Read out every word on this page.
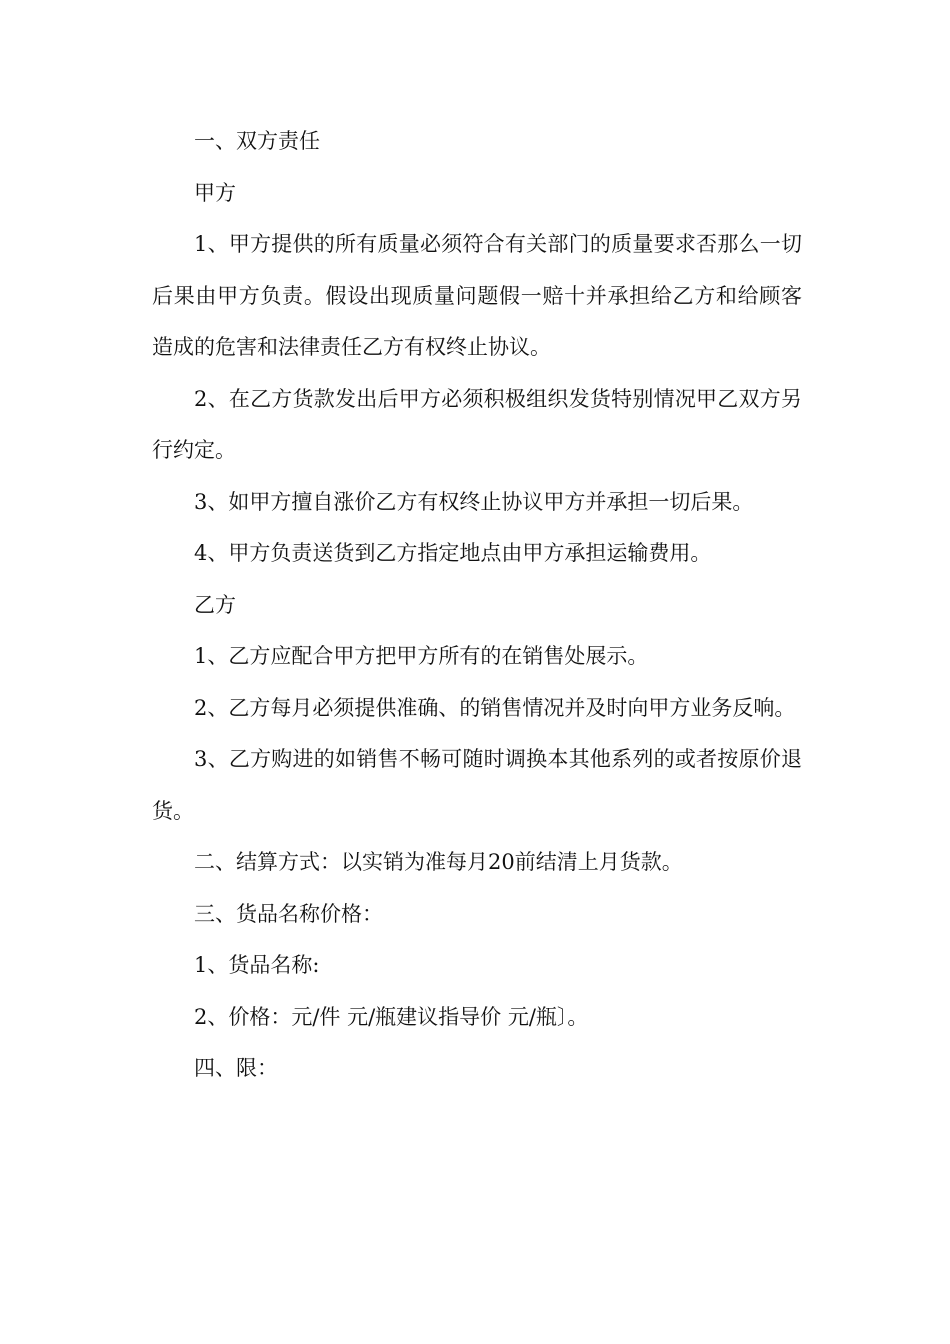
一、双方责任

甲方

1、甲方提供的所有质量必须符合有关部门的质量要求否那么一切后果由甲方负责。假设出现质量问题假一赔十并承担给乙方和给顾客造成的危害和法律责任乙方有权终止协议。

2、在乙方货款发出后甲方必须积极组织发货特别情况甲乙双方另行约定。

3、如甲方擅自涨价乙方有权终止协议甲方并承担一切后果。

4、甲方负责送货到乙方指定地点由甲方承担运输费用。

乙方

1、乙方应配合甲方把甲方所有的在销售处展示。

2、乙方每月必须提供准确、的销售情况并及时向甲方业务反响。

3、乙方购进的如销售不畅可随时调换本其他系列的或者按原价退货。

二、结算方式：以实销为准每月20前结清上月货款。

三、货品名称价格：

1、货品名称:

2、价格：元/件 元/瓶建议指导价 元/瓶〕。

四、限：
